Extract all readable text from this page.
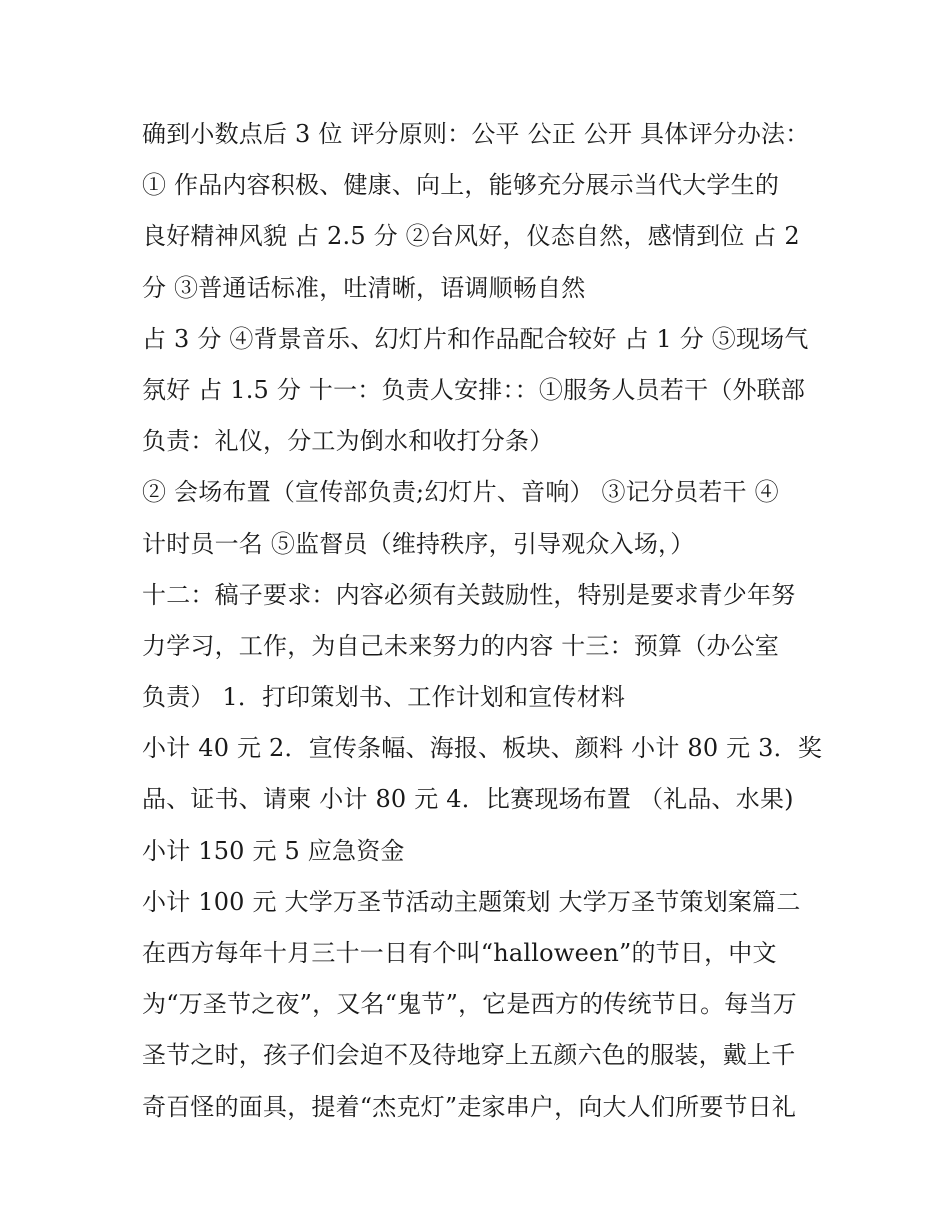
确到小数点后 3 位 评分原则：公平 公正 公开 具体评分办法：
① 作品内容积极、健康、向上，能够充分展示当代大学生的
良好精神风貌 占 2.5 分 ②台风好，仪态自然，感情到位 占 2
分 ③普通话标准，吐清晰，语调顺畅自然
占 3 分 ④背景音乐、幻灯片和作品配合较好 占 1 分 ⑤现场气
氛好 占 1.5 分 十一：负责人安排：：①服务人员若干（外联部
负责：礼仪，分工为倒水和收打分条）
② 会场布置（宣传部负责;幻灯片、音响） ③记分员若干 ④
计时员一名 ⑤监督员（维持秩序，引导观众入场，）
十二：稿子要求：内容必须有关鼓励性，特别是要求青少年努
力学习，工作，为自己未来努力的内容 十三：预算（办公室
负责） 1．打印策划书、工作计划和宣传材料
小计 40 元 2．宣传条幅、海报、板块、颜料 小计 80 元 3．奖
品、证书、请柬 小计 80 元 4．比赛现场布置 （礼品、水果)
小计 150 元 5 应急资金
小计 100 元 大学万圣节活动主题策划 大学万圣节策划案篇二
在西方每年十月三十一日有个叫“halloween”的节日，中文
为“万圣节之夜”，又名“鬼节”，它是西方的传统节日。每当万
圣节之时，孩子们会迫不及待地穿上五颜六色的服装，戴上千
奇百怪的面具，提着“杰克灯”走家串户，向大人们所要节日礼
